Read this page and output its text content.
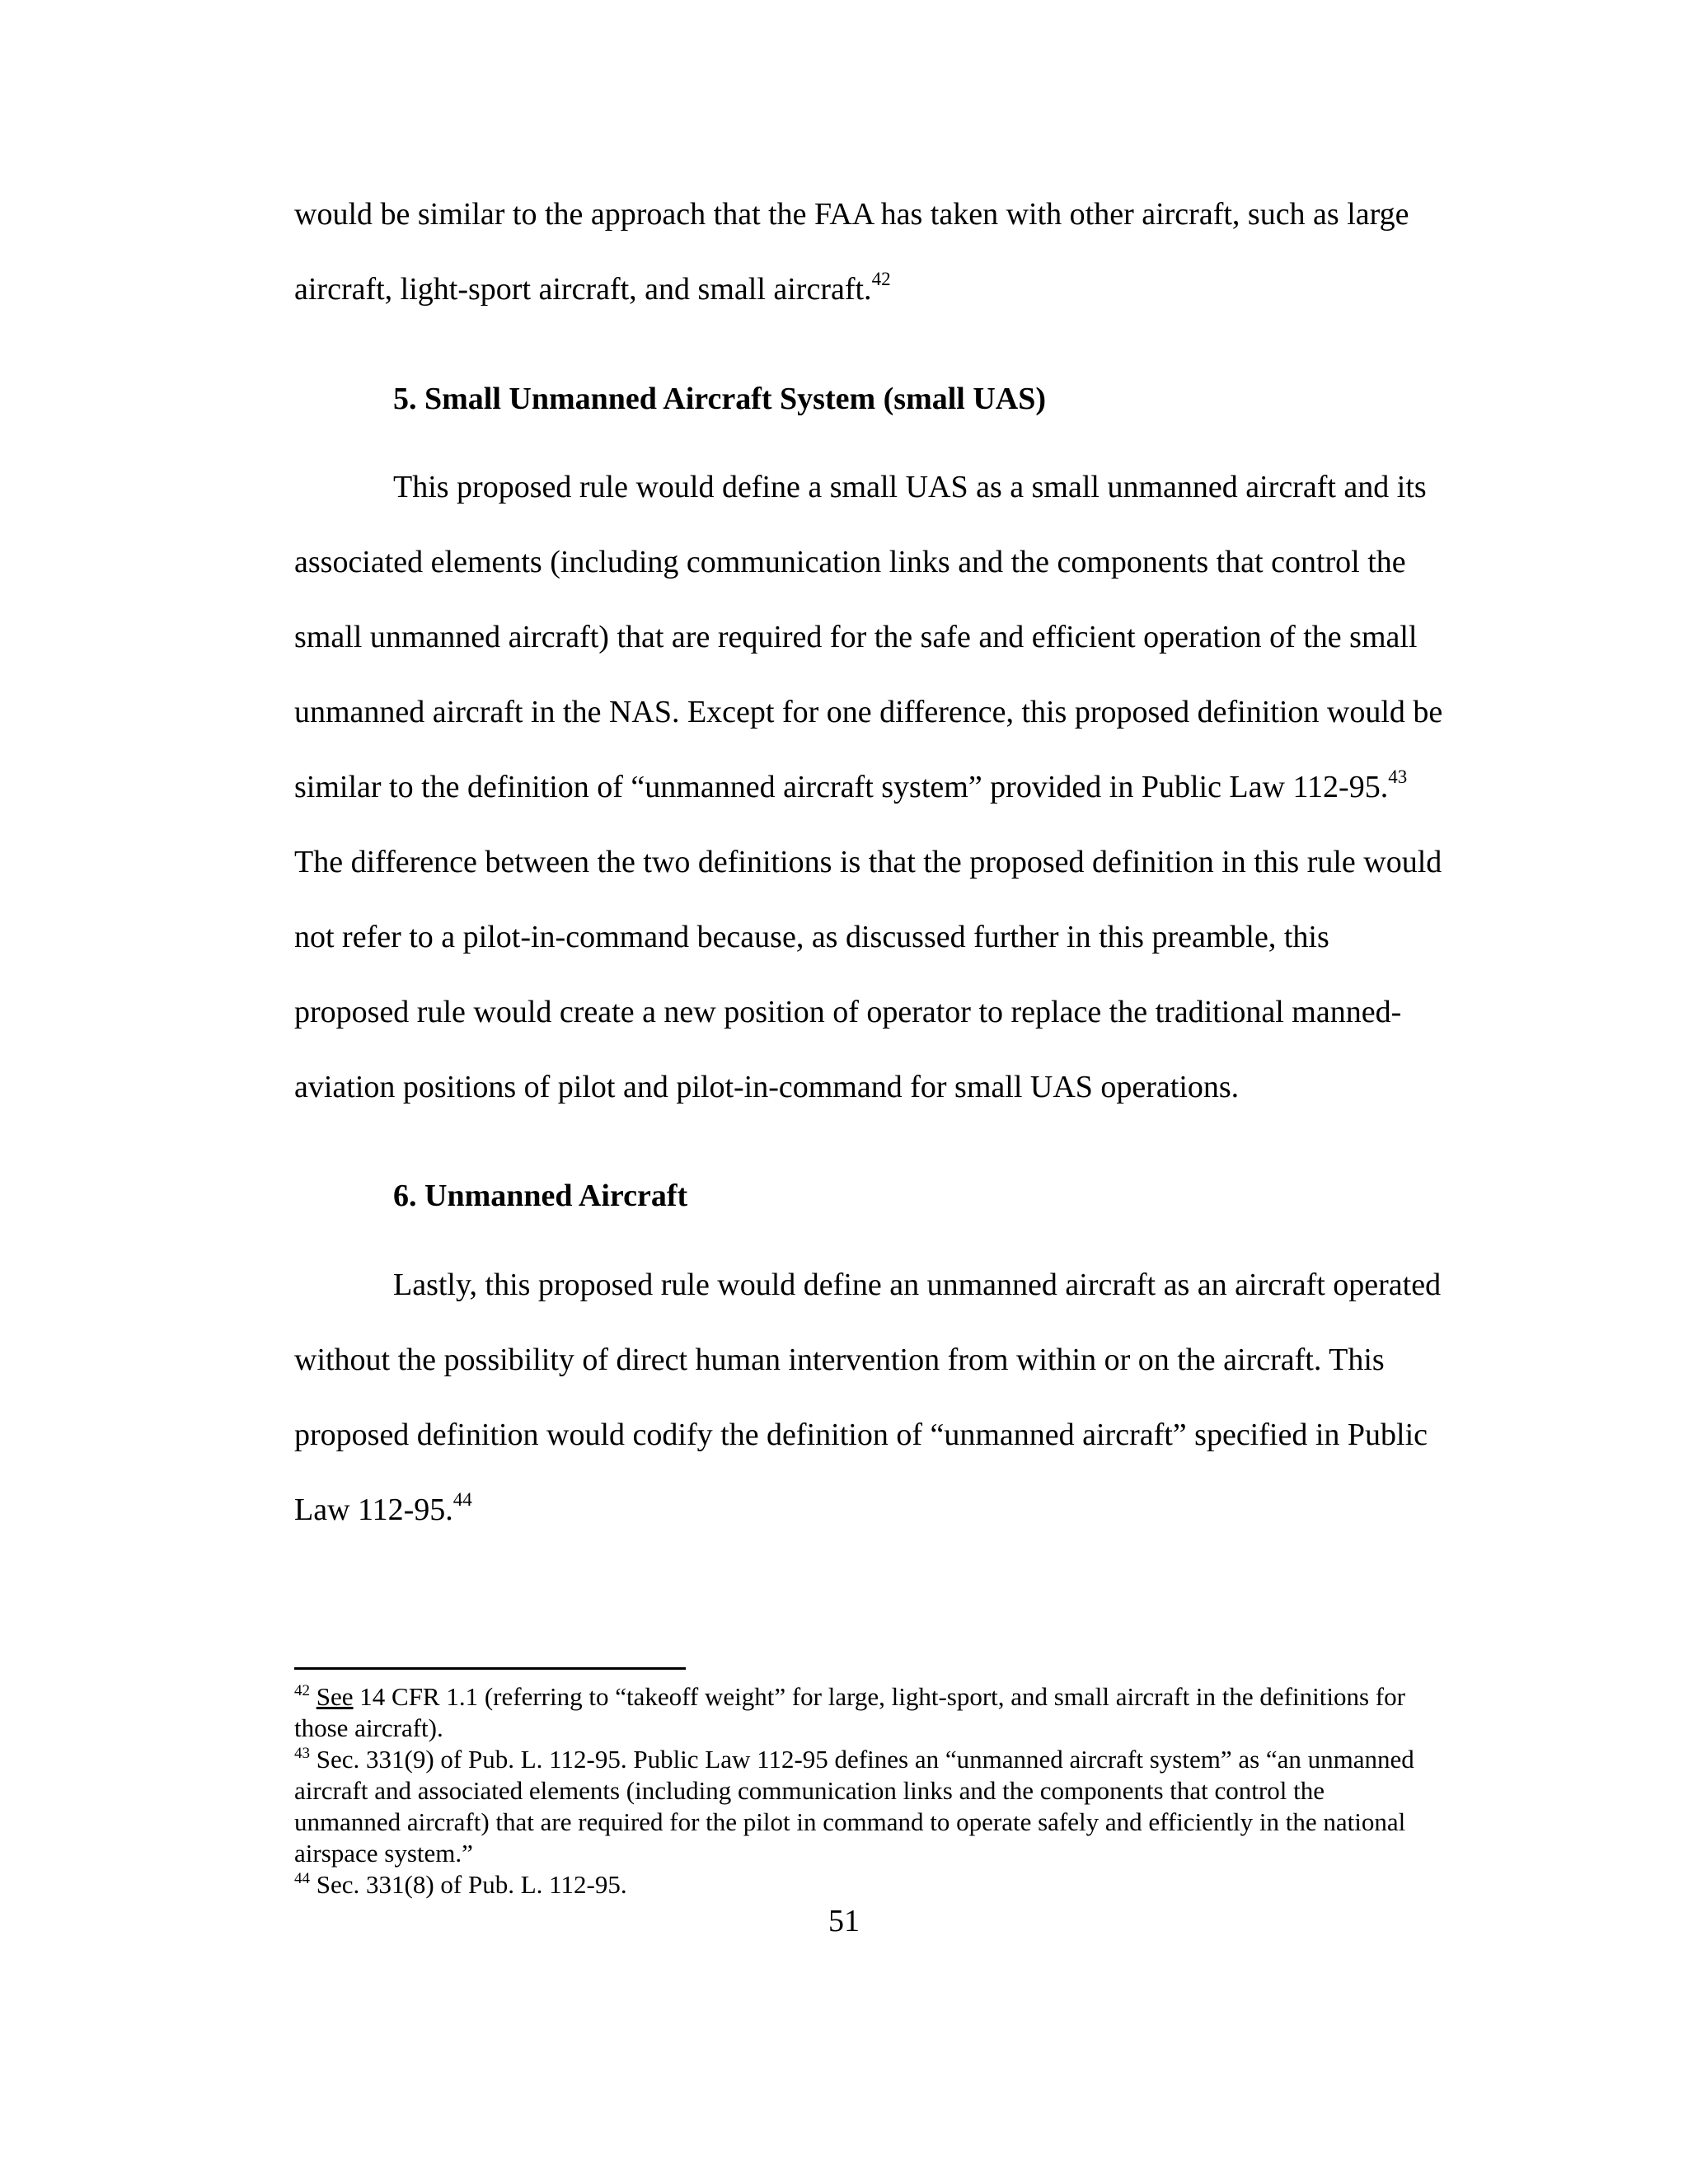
would be similar to the approach that the FAA has taken with other aircraft, such as large
aircraft, light-sport aircraft, and small aircraft.$^{42}$

5. Small Unmanned Aircraft System (small UAS)

This proposed rule would define a small UAS as a small unmanned aircraft and its
associated elements (including communication links and the components that control the
small unmanned aircraft) that are required for the safe and efficient operation of the small
unmanned aircraft in the NAS. Except for one difference, this proposed definition would be
similar to the definition of “unmanned aircraft system” provided in Public Law 112-95.43
The difference between the two definitions is that the proposed definition in this rule would
not refer to a pilot-in-command because, as discussed further in this preamble, this
proposed rule would create a new position of operator to replace the traditional manned-
aviation positions of pilot and pilot-in-command for small UAS operations.

6. Unmanned Aircraft

Lastly, this proposed rule would define an unmanned aircraft as an aircraft operated
without the possibility of direct human intervention from within or on the aircraft. This
proposed definition would codify the definition of “unmanned aircraft” specified in Public
Law 112-95.44

$^{42}$ See 14 CFR 1.1 (referring to “takeoff weight” for large, light-sport, and small aircraft in the definitions for
those aircraft).
$^{43}$ Sec. 331(9) of Pub. L. 112-95. Public Law 112-95 defines an “unmanned aircraft system” as “an unmanned
aircraft and associated elements (including communication links and the components that control the
unmanned aircraft) that are required for the pilot in command to operate safely and efficiently in the national
airspace system.”
$^{44}$ Sec. 331(8) of Pub. L. 112-95.

51
